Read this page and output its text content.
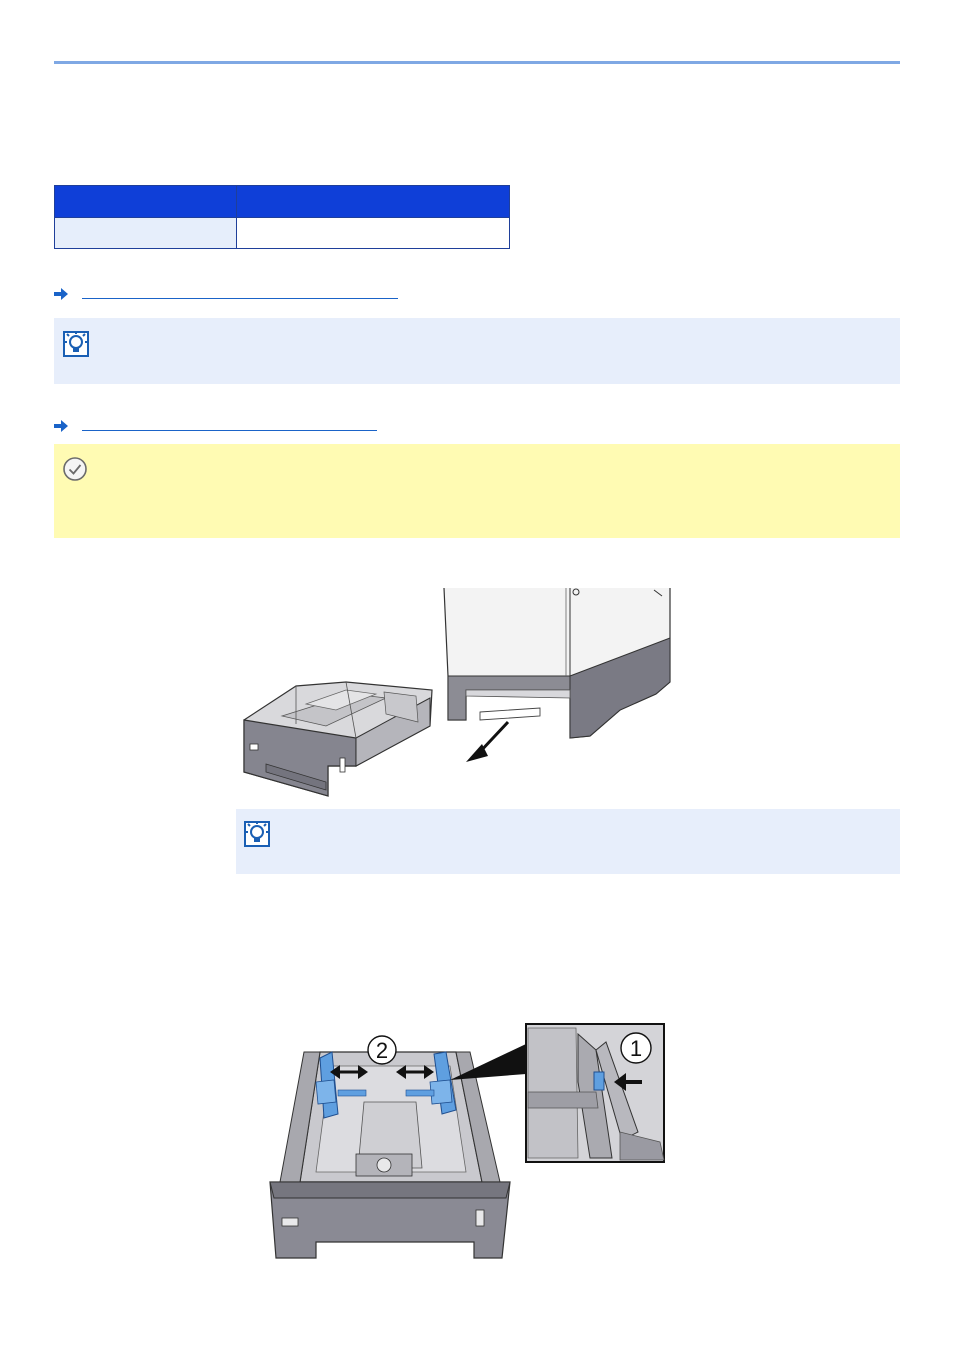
2	1
